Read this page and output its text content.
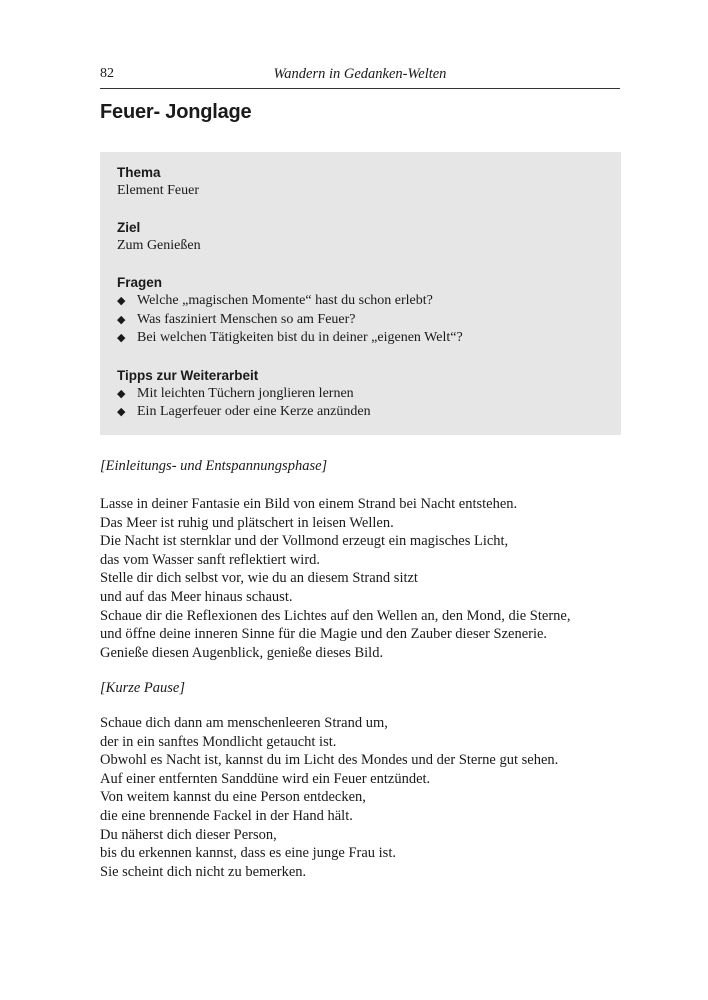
82	Wandern in Gedanken-Welten
Feuer- Jonglage

Thema

Element Feuer

Ziel

Zum Genießen

Fragen

◆ Welche „magischen Momente“ hast du schon erlebt?
◆ Was fasziniert Menschen so am Feuer?
◆ Bei welchen Tätigkeiten bist du in deiner „eigenen Welt“?

Tipps zur Weiterarbeit

◆ Mit leichten Tüchern jonglieren lernen
◆ Ein Lagerfeuer oder eine Kerze anzünden

[Einleitungs- und Entspannungsphase]

Lasse in deiner Fantasie ein Bild von einem Strand bei Nacht entstehen.
Das Meer ist ruhig und plätschert in leisen Wellen.
Die Nacht ist sternklar und der Vollmond erzeugt ein magisches Licht,
das vom Wasser sanft reflektiert wird.
Stelle dir dich selbst vor, wie du an diesem Strand sitzt
und auf das Meer hinaus schaust.
Schaue dir die Reflexionen des Lichtes auf den Wellen an, den Mond, die Sterne,
und öffne deine inneren Sinne für die Magie und den Zauber dieser Szenerie.
Genieße diesen Augenblick, genieße dieses Bild.

[Kurze Pause]

Schaue dich dann am menschenleeren Strand um,
der in ein sanftes Mondlicht getaucht ist.
Obwohl es Nacht ist, kannst du im Licht des Mondes und der Sterne gut sehen.
Auf einer entfernten Sanddüne wird ein Feuer entzündet.
Von weitem kannst du eine Person entdecken,
die eine brennende Fackel in der Hand hält.
Du näherst dich dieser Person,
bis du erkennen kannst, dass es eine junge Frau ist.
Sie scheint dich nicht zu bemerken.
